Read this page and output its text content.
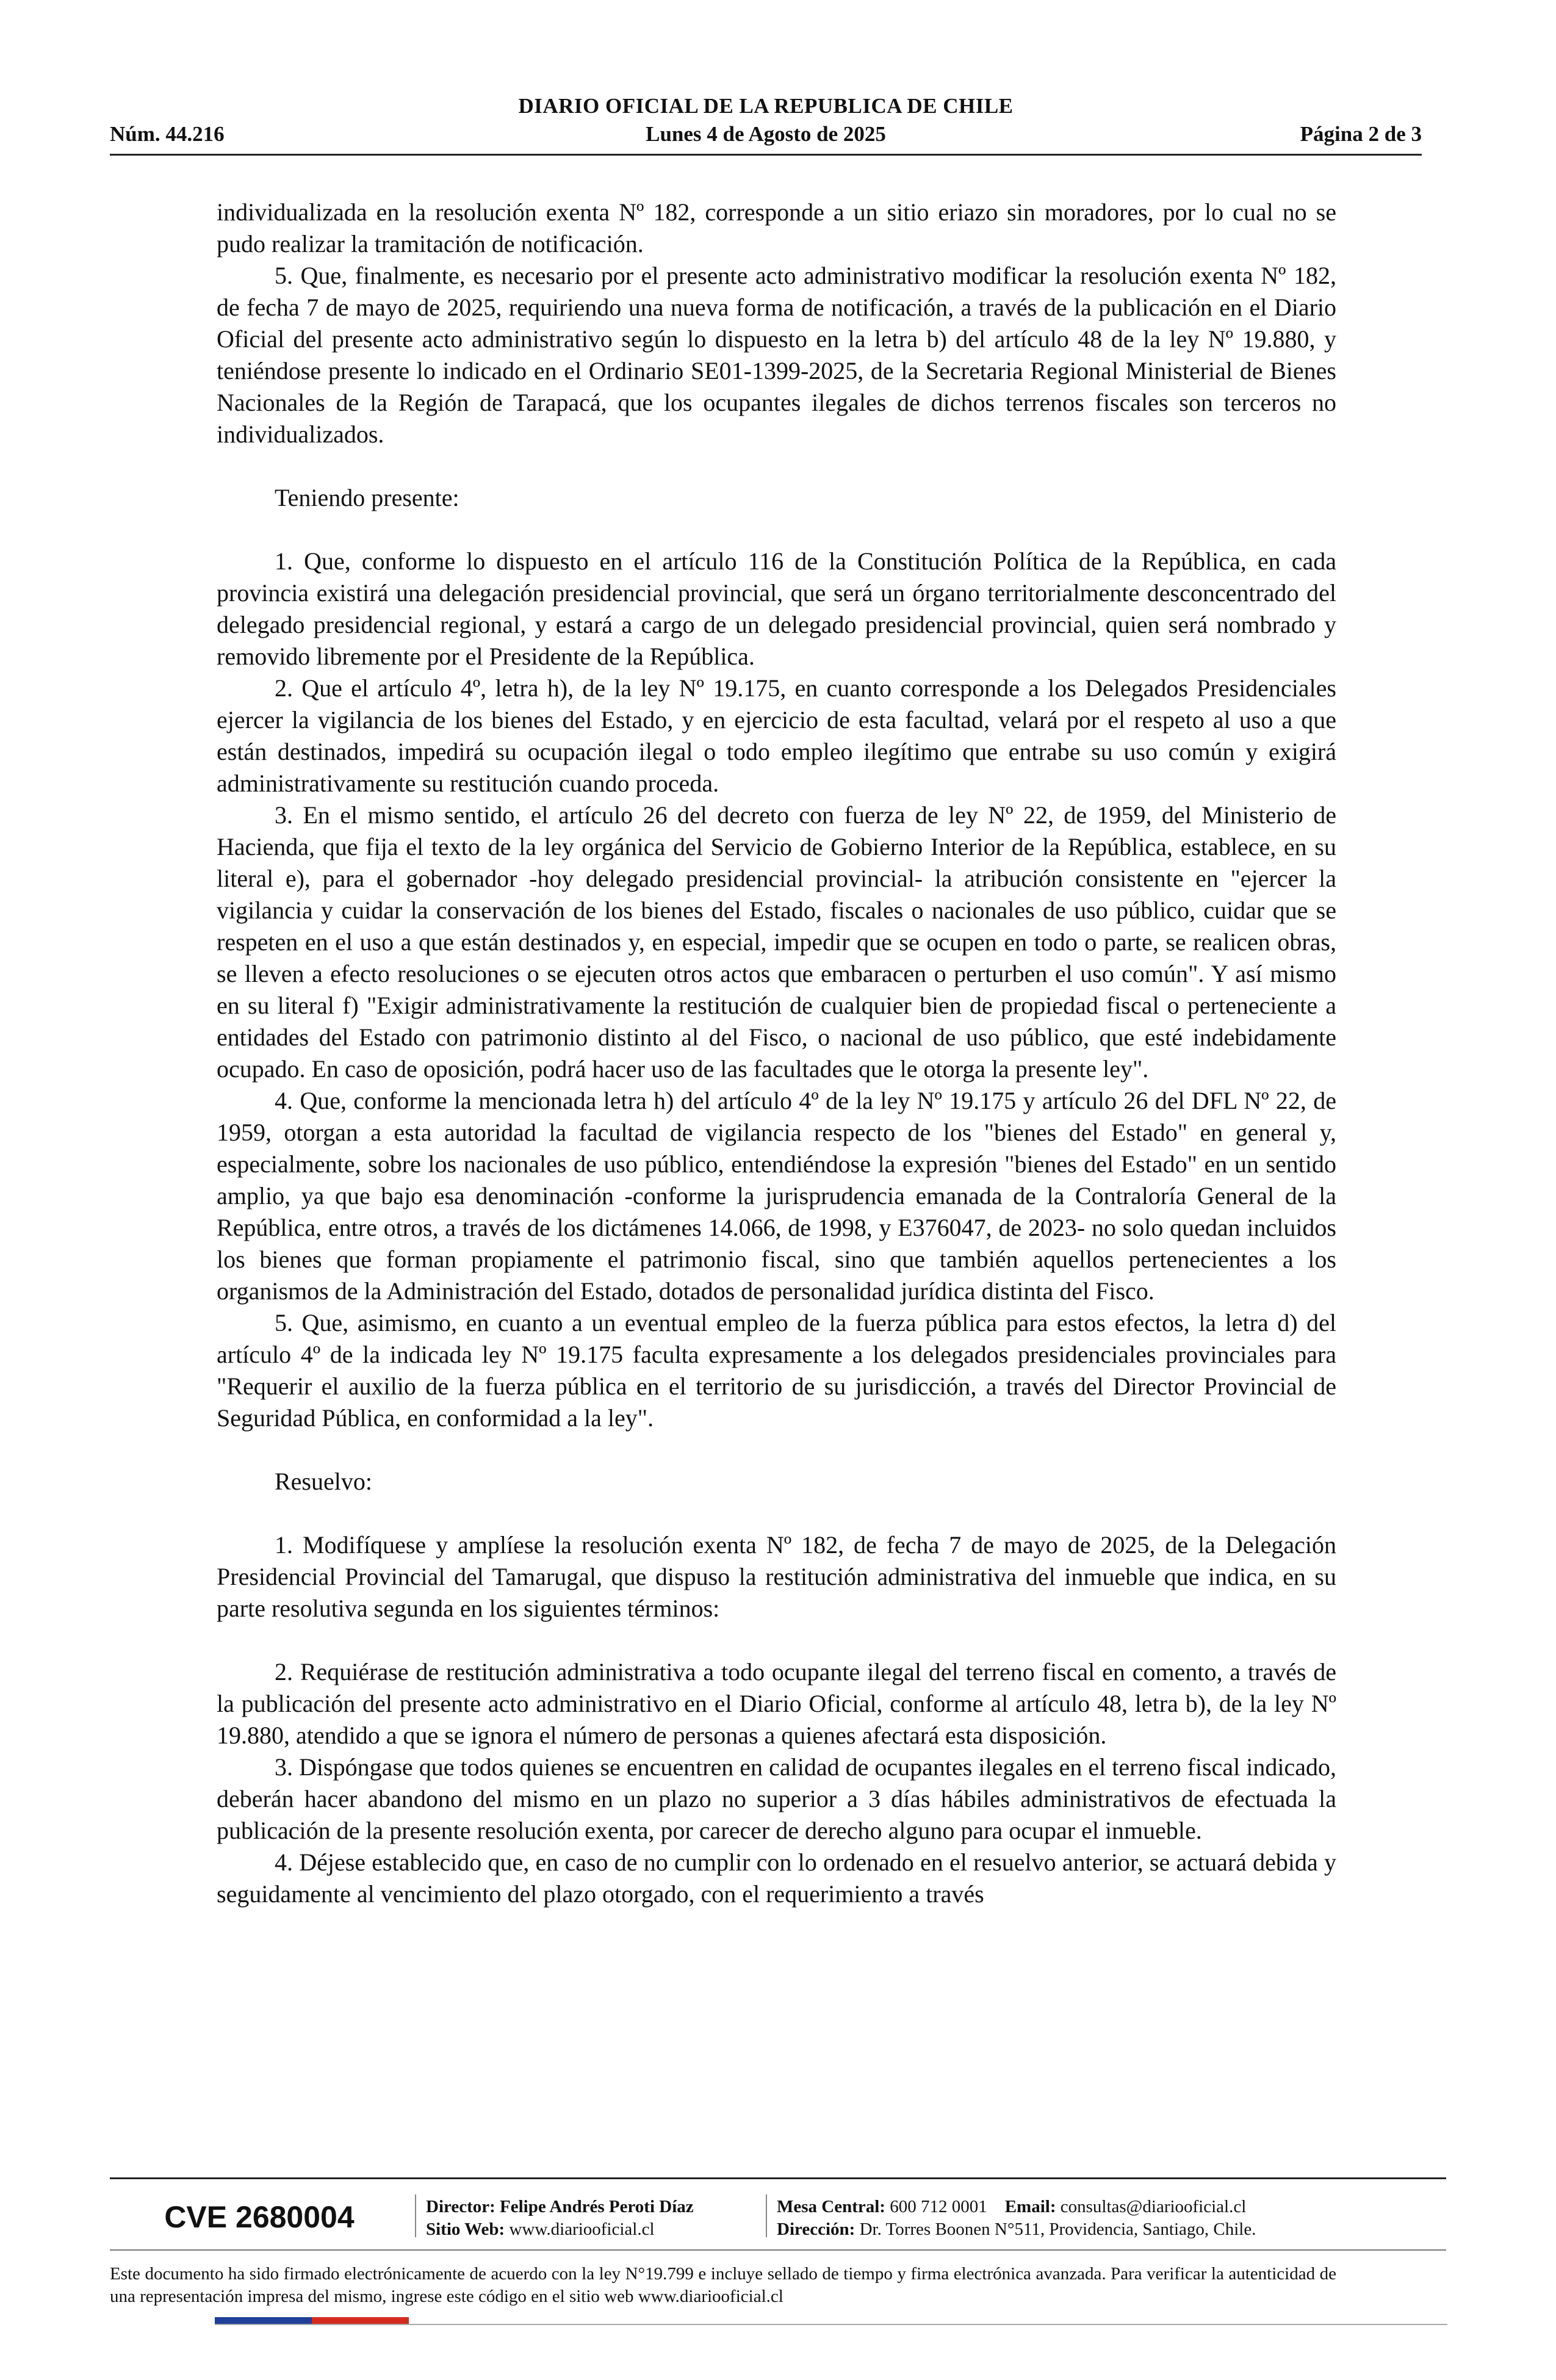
DIARIO OFICIAL DE LA REPUBLICA DE CHILE
Núm. 44.216	Lunes 4 de Agosto de 2025	Página 2 de 3

individualizada en la resolución exenta Nº 182, corresponde a un sitio eriazo sin moradores, por lo cual no se pudo realizar la tramitación de notificación.

5. Que, finalmente, es necesario por el presente acto administrativo modificar la resolución exenta Nº 182, de fecha 7 de mayo de 2025, requiriendo una nueva forma de notificación, a través de la publicación en el Diario Oficial del presente acto administrativo según lo dispuesto en la letra b) del artículo 48 de la ley Nº 19.880, y teniéndose presente lo indicado en el Ordinario SE01-1399-2025, de la Secretaria Regional Ministerial de Bienes Nacionales de la Región de Tarapacá, que los ocupantes ilegales de dichos terrenos fiscales son terceros no individualizados.

Teniendo presente:

1. Que, conforme lo dispuesto en el artículo 116 de la Constitución Política de la República, en cada provincia existirá una delegación presidencial provincial, que será un órgano territorialmente desconcentrado del delegado presidencial regional, y estará a cargo de un delegado presidencial provincial, quien será nombrado y removido libremente por el Presidente de la República.

2. Que el artículo 4º, letra h), de la ley Nº 19.175, en cuanto corresponde a los Delegados Presidenciales ejercer la vigilancia de los bienes del Estado, y en ejercicio de esta facultad, velará por el respeto al uso a que están destinados, impedirá su ocupación ilegal o todo empleo ilegítimo que entrabe su uso común y exigirá administrativamente su restitución cuando proceda.

3. En el mismo sentido, el artículo 26 del decreto con fuerza de ley Nº 22, de 1959, del Ministerio de Hacienda, que fija el texto de la ley orgánica del Servicio de Gobierno Interior de la República, establece, en su literal e), para el gobernador -hoy delegado presidencial provincial- la atribución consistente en "ejercer la vigilancia y cuidar la conservación de los bienes del Estado, fiscales o nacionales de uso público, cuidar que se respeten en el uso a que están destinados y, en especial, impedir que se ocupen en todo o parte, se realicen obras, se lleven a efecto resoluciones o se ejecuten otros actos que embaracen o perturben el uso común". Y así mismo en su literal f) "Exigir administrativamente la restitución de cualquier bien de propiedad fiscal o perteneciente a entidades del Estado con patrimonio distinto al del Fisco, o nacional de uso público, que esté indebidamente ocupado. En caso de oposición, podrá hacer uso de las facultades que le otorga la presente ley".

4. Que, conforme la mencionada letra h) del artículo 4º de la ley Nº 19.175 y artículo 26 del DFL Nº 22, de 1959, otorgan a esta autoridad la facultad de vigilancia respecto de los "bienes del Estado" en general y, especialmente, sobre los nacionales de uso público, entendiéndose la expresión "bienes del Estado" en un sentido amplio, ya que bajo esa denominación -conforme la jurisprudencia emanada de la Contraloría General de la República, entre otros, a través de los dictámenes 14.066, de 1998, y E376047, de 2023- no solo quedan incluidos los bienes que forman propiamente el patrimonio fiscal, sino que también aquellos pertenecientes a los organismos de la Administración del Estado, dotados de personalidad jurídica distinta del Fisco.

5. Que, asimismo, en cuanto a un eventual empleo de la fuerza pública para estos efectos, la letra d) del artículo 4º de la indicada ley Nº 19.175 faculta expresamente a los delegados presidenciales provinciales para "Requerir el auxilio de la fuerza pública en el territorio de su jurisdicción, a través del Director Provincial de Seguridad Pública, en conformidad a la ley".

Resuelvo:

1. Modifíquese y amplíese la resolución exenta Nº 182, de fecha 7 de mayo de 2025, de la Delegación Presidencial Provincial del Tamarugal, que dispuso la restitución administrativa del inmueble que indica, en su parte resolutiva segunda en los siguientes términos:

2. Requiérase de restitución administrativa a todo ocupante ilegal del terreno fiscal en comento, a través de la publicación del presente acto administrativo en el Diario Oficial, conforme al artículo 48, letra b), de la ley Nº 19.880, atendido a que se ignora el número de personas a quienes afectará esta disposición.

3. Dispóngase que todos quienes se encuentren en calidad de ocupantes ilegales en el terreno fiscal indicado, deberán hacer abandono del mismo en un plazo no superior a 3 días hábiles administrativos de efectuada la publicación de la presente resolución exenta, por carecer de derecho alguno para ocupar el inmueble.

4. Déjese establecido que, en caso de no cumplir con lo ordenado en el resuelvo anterior, se actuará debida y seguidamente al vencimiento del plazo otorgado, con el requerimiento a través

CVE 2680004	Director: Felipe Andrés Peroti Díaz
Sitio Web: www.diariooficial.cl
Mesa Central: 600 712 0001 Email: consultas@diariooficial.cl
Dirección: Dr. Torres Boonen N°511, Providencia, Santiago, Chile.
Este documento ha sido firmado electrónicamente de acuerdo con la ley N°19.799 e incluye sellado de tiempo y firma electrónica avanzada. Para verificar la autenticidad de una representación impresa del mismo, ingrese este código en el sitio web www.diariooficial.cl
